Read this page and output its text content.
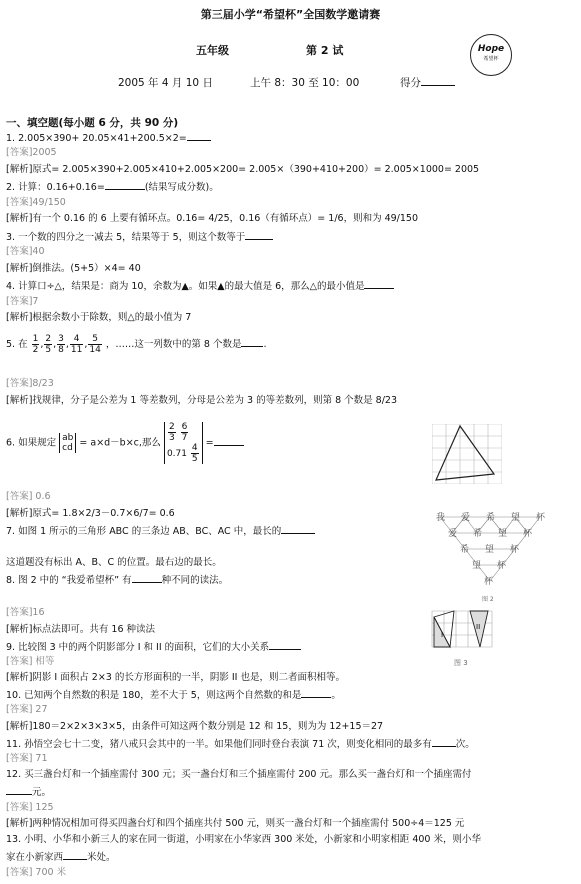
第三届小学“希望杯”全国数学邀请赛
五年级	第 2 试	Hope
希望杯
2005 年 4 月 10 日	上午 8：30 至 10：00	得分
一、填空题(每小题 6 分，共 90 分)
1. 2.005×390+ 20.05×41+200.5×2=
[答案]2005
[解析]原式= 2.005×390+2.005×410+2.005×200= 2.005×（390+410+200）= 2.005×1000= 2005
2. 计算：0.16+0.16=	(结果写成分数)。
[答案]49/150
[解析]有一个 0.16 的 6 上要有循环点。0.16= 4/25，0.16（有循环点）= 1/6，则和为 49/150
3. 一个数的四分之一减去 5，结果等于 5，则这个数等于
[答案]40
[解析]倒推法。(5+5）×4= 40
4. 计算口÷△，结果是：商为 10，余数为▲。如果▲的最大值是 6，那么△的最小值是
[答案]7
[解析]根据余数小于除数，则△的最小值为 7
5. 在 $\frac{1}{2}$ , $\frac{2}{5}$ , $\frac{3}{8}$ , $\frac{4}{11}$ , $\frac{5}{14}$ ，……这一列数中的第 8 个数是 .
[答案]8/23
[解析]找规律，分子是公差为 1 等差数列，分母是公差为 3 的等差数列，则第 8 个数是 8/23
6. 如果规定 ab
cd = a×d－b×c,那么 $\frac{2}{3}$
$\frac{6}{7}$
$0.71 \frac{4}{5}$ =
[答案] 0.6
[解析]原式= 1.8×2/3－0.7×6/7= 0.6
7. 如图 1 所示的三角形 ABC 的三条边 AB、BC、AC 中，最长的
这道题没有标出 A、B、C 的位置。最右边的最长。
我 爱 希 望 杯
爱 希 望 杯
希 望 杯
望 杯
杯
图 2
8. 图 2 中的 “我爱希望杯” 有	种不同的读法。
I
II
图 3
[答案]16
[解析]标点法即可。共有 16 种读法
9. 比较图 3 中的两个阴影部分 I 和 II 的面积，它们的大小关系
[答案] 相等
[解析]阴影 I 面积占 2×3 的长方形面积的一半，阴影 II 也是，则二者面积相等。
10. 已知两个自然数的积是 180，差不大于 5，则这两个自然数的和是	。
[答案] 27
[解析]180＝2×2×3×3×5，由条件可知这两个数分别是 12 和 15，则为为 12+15＝27
11. 孙悟空会七十二变，猪八戒只会其中的一半。如果他们同时登台表演 71 次，则变化相同的最多有	次。
[答案] 71
12. 买三盏台灯和一个插座需付 300 元；买一盏台灯和三个插座需付 200 元。那么买一盏台灯和一个插座需付
元。
[答案] 125
[解析]两种情况相加可得买四盏台灯和四个插座共付 500 元，则买一盏台灯和一个插座需付 500÷4＝125 元
13. 小明、小华和小新三人的家在同一街道，小明家在小华家西 300 米处，小新家和小明家相距 400 米，则小华
家在小新家西	米处。
[答案] 700 米
